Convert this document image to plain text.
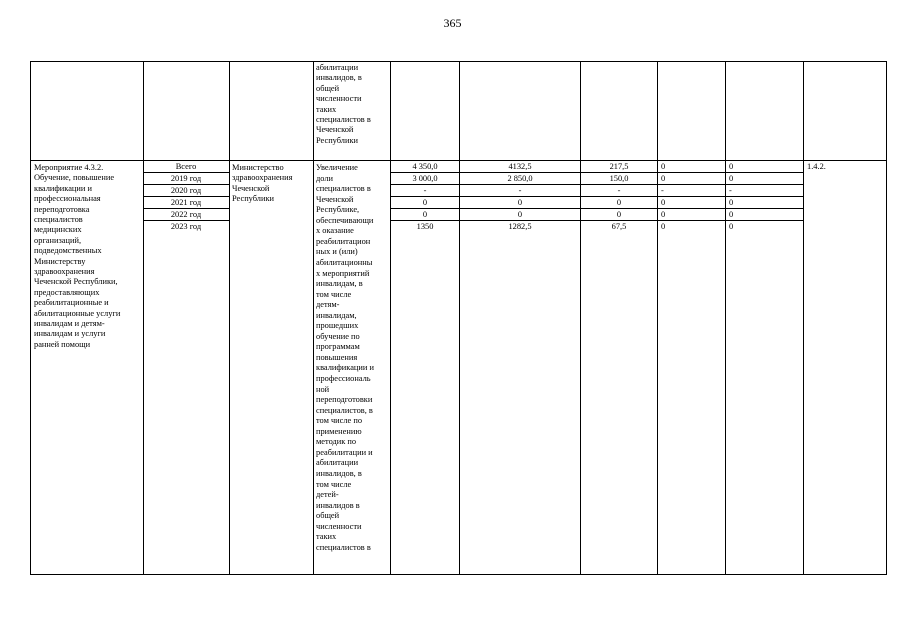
365
абилитации
инвалидов, в
общей
численности
таких
специалистов в
Чеченской
Республики
Мероприятие 4.3.2.
Обучение, повышение
квалификации и
профессиональная
переподготовка
специалистов
медицинских
организаций,
подведомственных
Министерству
здравоохранения
Чеченской Республики,
предоставляющих
реабилитационные и
абилитационные услуги
инвалидам и детям-
инвалидам и услуги
ранней помощи
Министерство
здравоохранения
Чеченской
Республики
Увеличение
доли
специалистов в
Чеченской
Республике,
обеспечивающи
х оказание
реабилитацион
ных и (или)
абилитационны
х мероприятий
инвалидам, в
том числе
детям-
инвалидам,
прошедших
обучение по
программам
повышения
квалификации и
профессиональ
ной
переподготовки
специалистов, в
том числе по
применению
методик по
реабилитации и
абилитации
инвалидов, в
том числе
детей-
инвалидов в
общей
численности
таких
специалистов в
Всего
2019 год
2020 год
2021 год
2022 год
2023 год
4 350,0
3 000,0
-
0
0
1350
4132,5
2 850,0
-
0
0
1282,5
217,5
150,0
-
0
0
67,5
0
0
-
0
0
0
0
0
-
0
0
0
1.4.2.
